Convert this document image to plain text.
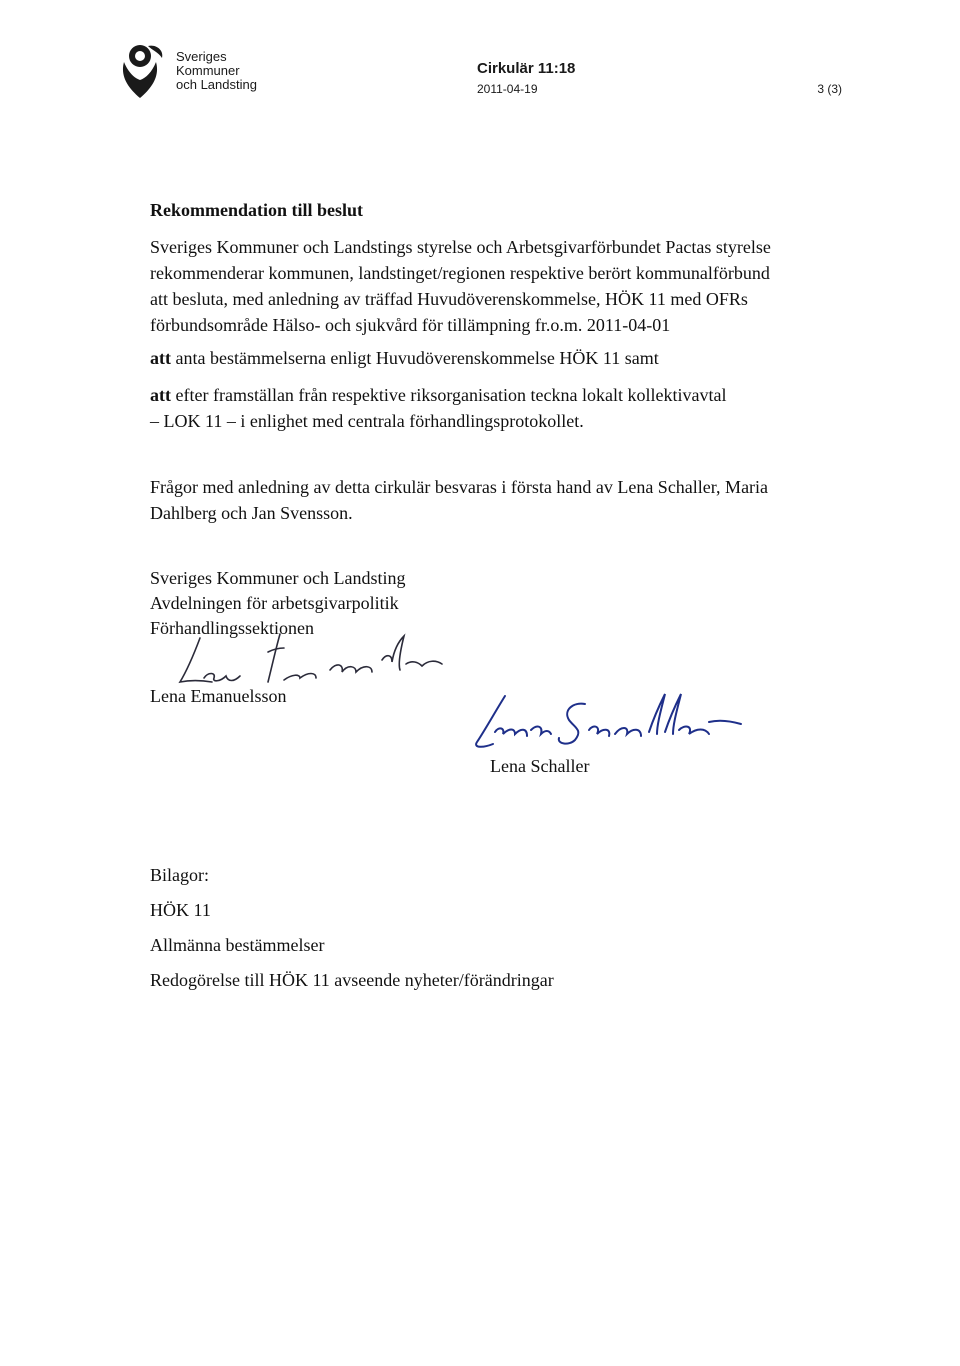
Sveriges
Kommuner
och Landsting
Cirkulär 11:18
2011-04-19	3 (3)
Rekommendation till beslut
Sveriges Kommuner och Landstings styrelse och Arbetsgivarförbundet Pactas styrelse
rekommenderar kommunen, landstinget/regionen respektive berört kommunalförbund
att besluta, med anledning av träffad Huvudöverenskommelse, HÖK 11 med OFRs
förbundsområde Hälso- och sjukvård för tillämpning fr.o.m. 2011-04-01
att anta bestämmelserna enligt Huvudöverenskommelse HÖK 11 samt
att efter framställan från respektive riksorganisation teckna lokalt kollektivavtal
– LOK 11 – i enlighet med centrala förhandlingsprotokollet.
Frågor med anledning av detta cirkulär besvaras i första hand av Lena Schaller, Maria
Dahlberg och Jan Svensson.
Sveriges Kommuner och Landsting
Avdelningen för arbetsgivarpolitik
Förhandlingssektionen
Lena Emanuelsson
Lena Schaller
Bilagor:
HÖK 11
Allmänna bestämmelser
Redogörelse till HÖK 11 avseende nyheter/förändringar
